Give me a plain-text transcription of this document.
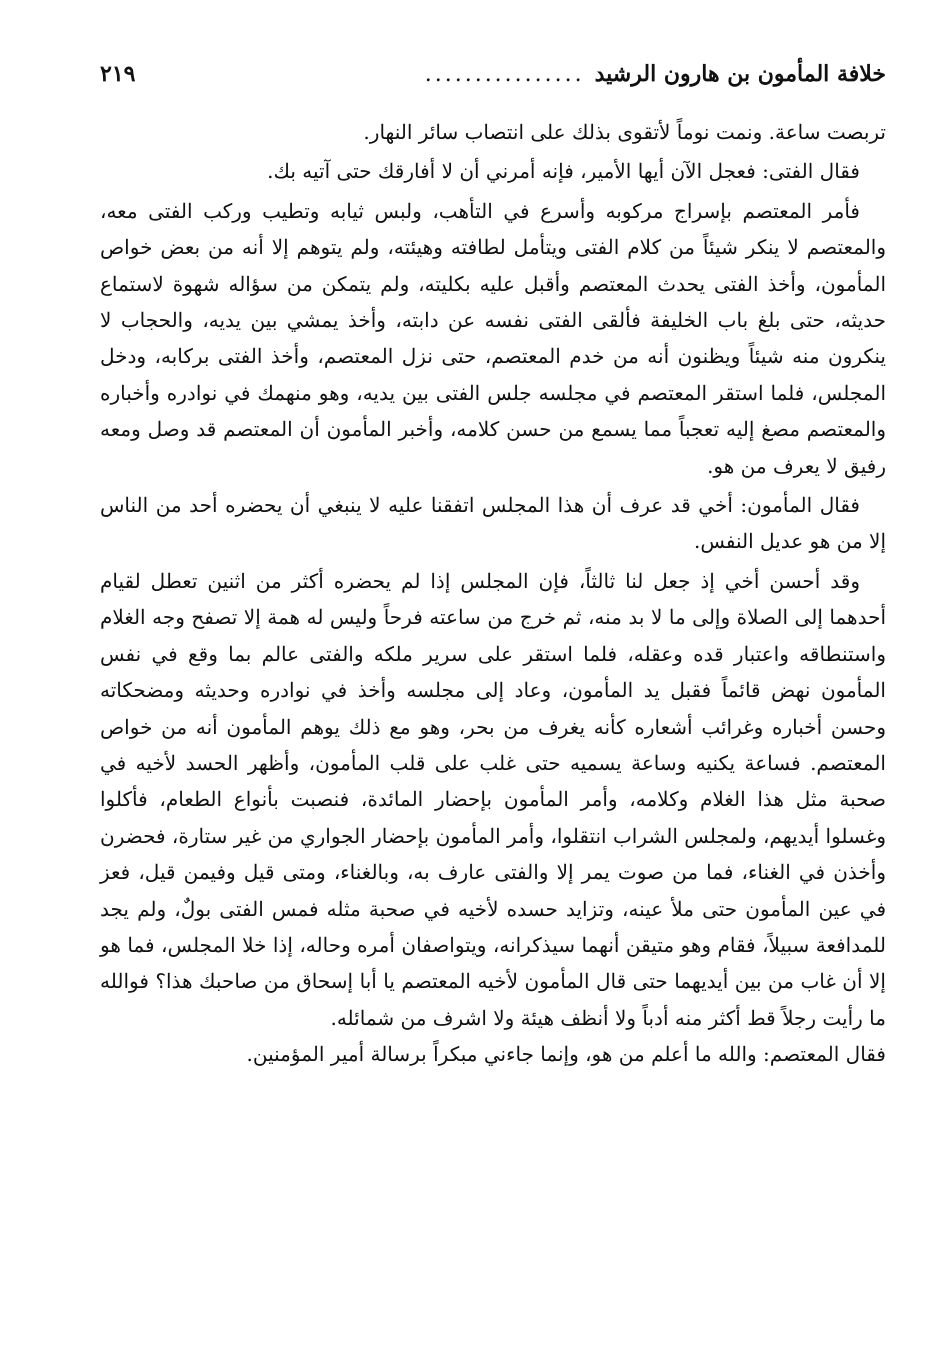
خلافة المأمون بن هارون الرشيد
................
٢١٩

تربصت ساعة. ونمت نوماً لأتقوى بذلك على انتصاب سائر النهار.

فقال الفتى: فعجل الآن أيها الأمير، فإنه أمرني أن لا أفارقك حتى آتيه بك.

فأمر المعتصم بإسراج مركوبه وأسرع في التأهب، ولبس ثيابه وتطيب وركب الفتى معه، والمعتصم لا ينكر شيئاً من كلام الفتى ويتأمل لطافته وهيئته، ولم يتوهم إلا أنه من بعض خواص المأمون، وأخذ الفتى يحدث المعتصم وأقبل عليه بكليته، ولم يتمكن من سؤاله شهوة لاستماع حديثه، حتى بلغ باب الخليفة فألقى الفتى نفسه عن دابته، وأخذ يمشي بين يديه، والحجاب لا ينكرون منه شيئاً ويظنون أنه من خدم المعتصم، حتى نزل المعتصم، وأخذ الفتى بركابه، ودخل المجلس، فلما استقر المعتصم في مجلسه جلس الفتى بين يديه، وهو منهمك في نوادره وأخباره والمعتصم مصغ إليه تعجباً مما يسمع من حسن كلامه، وأخبر المأمون أن المعتصم قد وصل ومعه رفيق لا يعرف من هو.

فقال المأمون: أخي قد عرف أن هذا المجلس اتفقنا عليه لا ينبغي أن يحضره أحد من الناس إلا من هو عديل النفس.

وقد أحسن أخي إذ جعل لنا ثالثاً، فإن المجلس إذا لم يحضره أكثر من اثنين تعطل لقيام أحدهما إلى الصلاة وإلى ما لا بد منه، ثم خرج من ساعته فرحاً وليس له همة إلا تصفح وجه الغلام واستنطاقه واعتبار قده وعقله، فلما استقر على سرير ملكه والفتى عالم بما وقع في نفس المأمون نهض قائماً فقبل يد المأمون، وعاد إلى مجلسه وأخذ في نوادره وحديثه ومضحكاته وحسن أخباره وغرائب أشعاره كأنه يغرف من بحر، وهو مع ذلك يوهم المأمون أنه من خواص المعتصم. فساعة يكنيه وساعة يسميه حتى غلب على قلب المأمون، وأظهر الحسد لأخيه في صحبة مثل هذا الغلام وكلامه، وأمر المأمون بإحضار المائدة، فنصبت بأنواع الطعام، فأكلوا وغسلوا أيديهم، ولمجلس الشراب انتقلوا، وأمر المأمون بإحضار الجواري من غير ستارة، فحضرن وأخذن في الغناء، فما من صوت يمر إلا والفتى عارف به، وبالغناء، ومتى قيل وفيمن قيل، فعز في عين المأمون حتى ملأ عينه، وتزايد حسده لأخيه في صحبة مثله فمس الفتى بولٌ، ولم يجد للمدافعة سبيلاً، فقام وهو متيقن أنهما سيذكرانه، ويتواصفان أمره وحاله، إذا خلا المجلس، فما هو إلا أن غاب من بين أيديهما حتى قال المأمون لأخيه المعتصم يا أبا إسحاق من صاحبك هذا؟ فوالله ما رأيت رجلاً قط أكثر منه أدباً ولا أنظف هيئة ولا اشرف من شمائله.

فقال المعتصم: والله ما أعلم من هو، وإنما جاءني مبكراً برسالة أمير المؤمنين.
